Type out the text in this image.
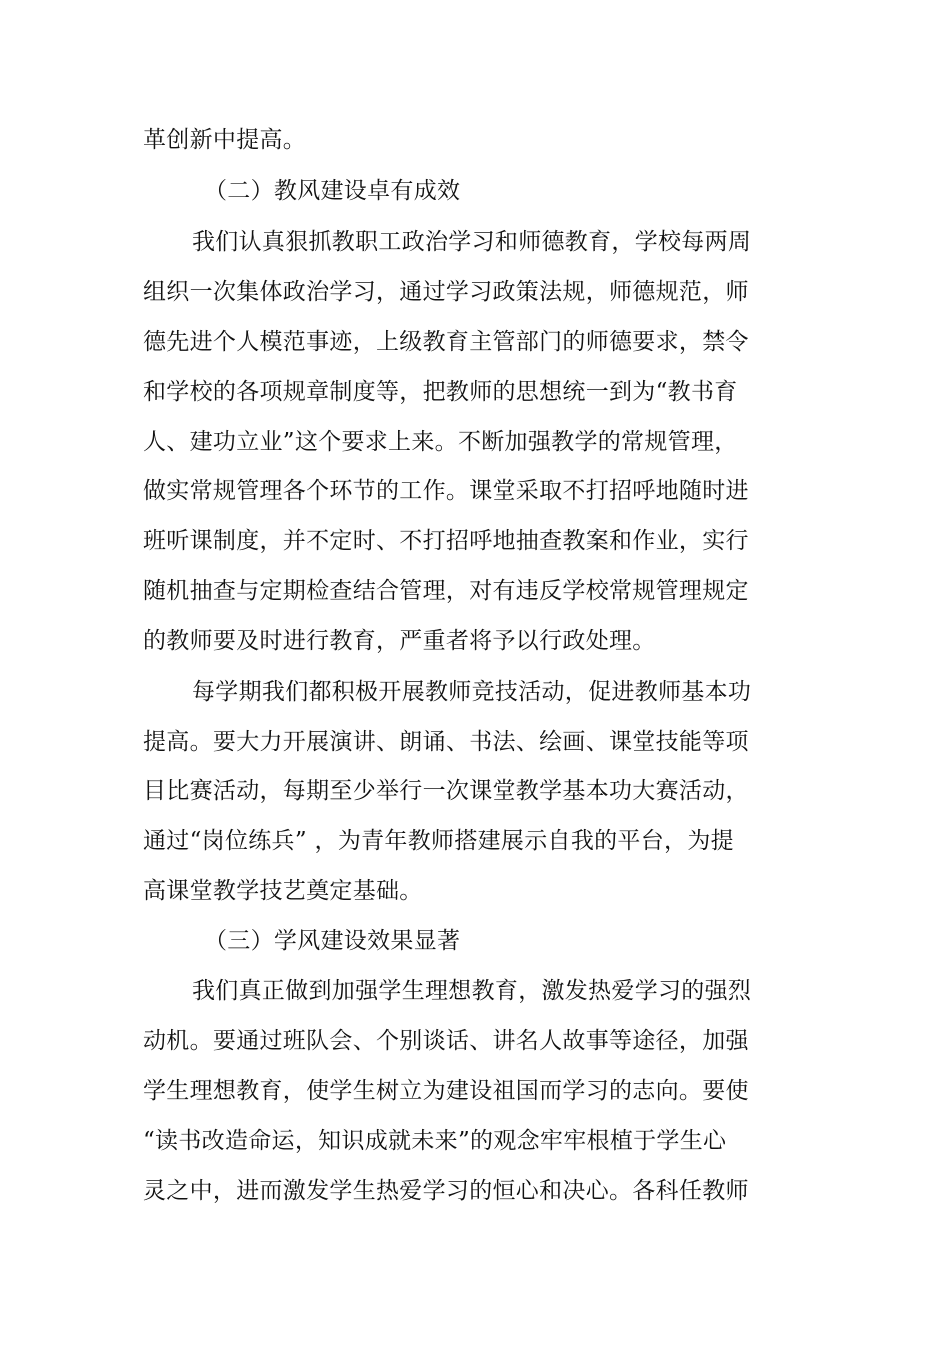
革创新中提高。
（二）教风建设卓有成效
我们认真狠抓教职工政治学习和师德教育，学校每两周
组织一次集体政治学习，通过学习政策法规，师德规范，师
德先进个人模范事迹，上级教育主管部门的师德要求，禁令
和学校的各项规章制度等，把教师的思想统一到为“教书育
人、建功立业”这个要求上来。不断加强教学的常规管理，
做实常规管理各个环节的工作。课堂采取不打招呼地随时进
班听课制度，并不定时、不打招呼地抽查教案和作业，实行
随机抽查与定期检查结合管理，对有违反学校常规管理规定
的教师要及时进行教育，严重者将予以行政处理。
每学期我们都积极开展教师竞技活动，促进教师基本功
提高。要大力开展演讲、朗诵、书法、绘画、课堂技能等项
目比赛活动，每期至少举行一次课堂教学基本功大赛活动，
通过“岗位练兵” ，为青年教师搭建展示自我的平台，为提
高课堂教学技艺奠定基础。
（三）学风建设效果显著
我们真正做到加强学生理想教育，激发热爱学习的强烈
动机。要通过班队会、个别谈话、讲名人故事等途径，加强
学生理想教育，使学生树立为建设祖国而学习的志向。要使
“读书改造命运，知识成就未来”的观念牢牢根植于学生心
灵之中，进而激发学生热爱学习的恒心和决心。各科任教师
